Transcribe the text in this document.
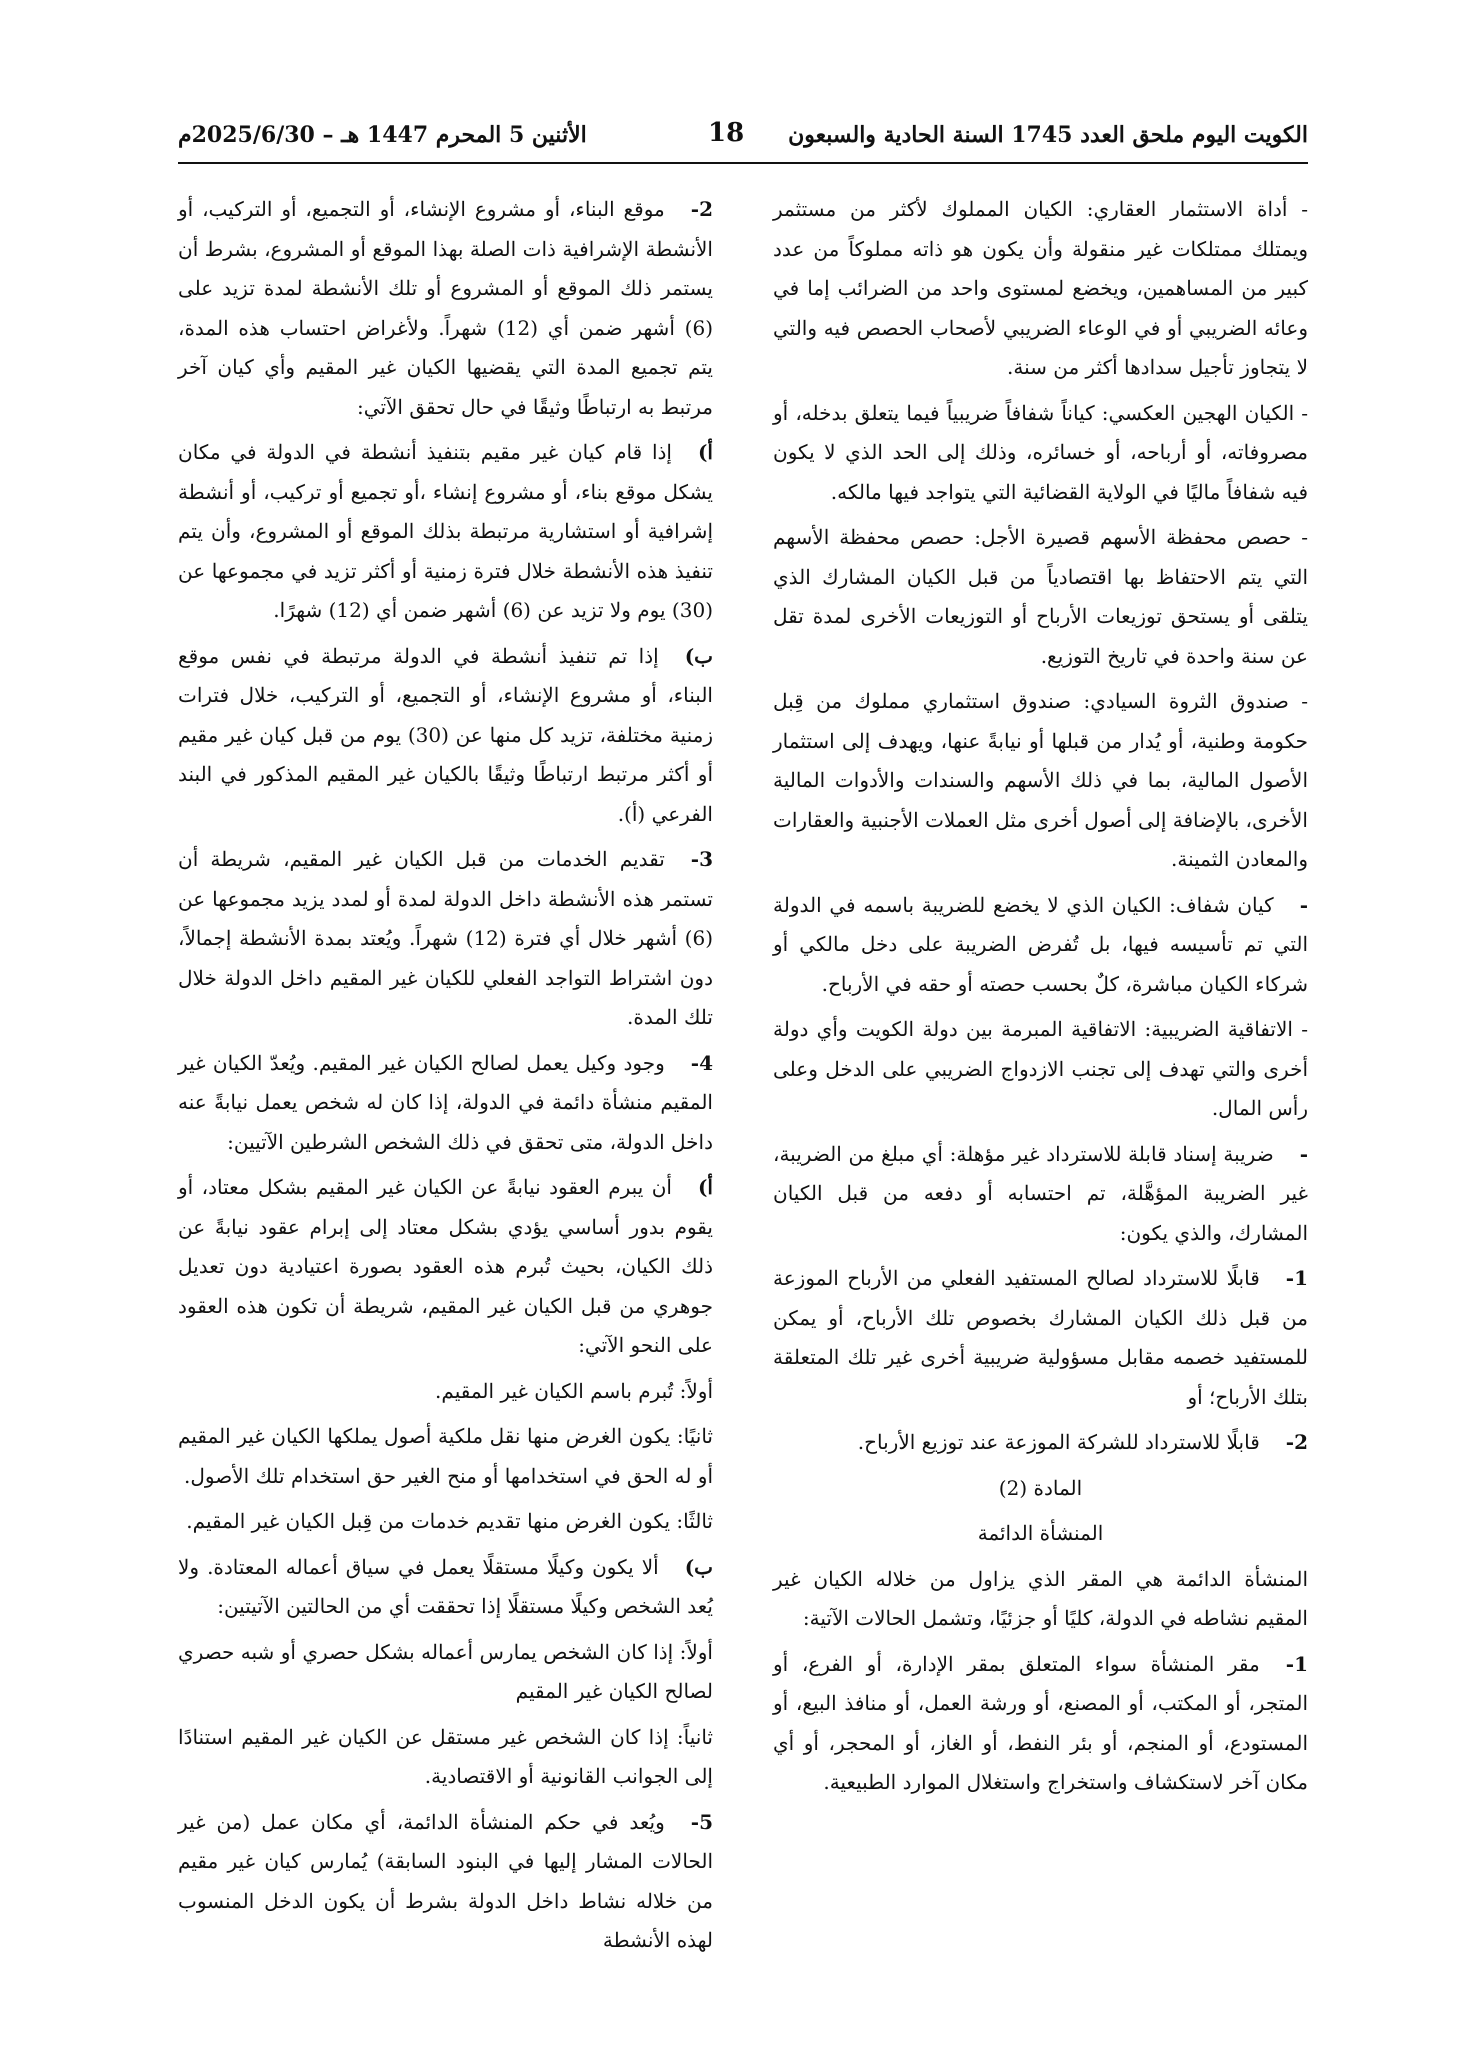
الكويت اليوم ملحق العدد 1745 السنة الحادية والسبعون
18
الأثنين 5 المحرم 1447 هـ – 2025/6/30م

- أداة الاستثمار العقاري: الكيان المملوك لأكثر من مستثمر ويمتلك ممتلكات غير منقولة وأن يكون هو ذاته مملوكاً من عدد كبير من المساهمين، ويخضع لمستوى واحد من الضرائب إما في وعائه الضريبي أو في الوعاء الضريبي لأصحاب الحصص فيه والتي لا يتجاوز تأجيل سدادها أكثر من سنة.

- الكيان الهجين العكسي: كياناً شفافاً ضريبياً فيما يتعلق بدخله، أو مصروفاته، أو أرباحه، أو خسائره، وذلك إلى الحد الذي لا يكون فيه شفافاً ماليًا في الولاية القضائية التي يتواجد فيها مالكه.

- حصص محفظة الأسهم قصيرة الأجل: حصص محفظة الأسهم التي يتم الاحتفاظ بها اقتصادياً من قبل الكيان المشارك الذي يتلقى أو يستحق توزيعات الأرباح أو التوزيعات الأخرى لمدة تقل عن سنة واحدة في تاريخ التوزيع.

- صندوق الثروة السيادي: صندوق استثماري مملوك من قِبل حكومة وطنية، أو يُدار من قبلها أو نيابةً عنها، ويهدف إلى استثمار الأصول المالية، بما في ذلك الأسهم والسندات والأدوات المالية الأخرى، بالإضافة إلى أصول أخرى مثل العملات الأجنبية والعقارات والمعادن الثمينة.

-كيان شفاف: الكيان الذي لا يخضع للضريبة باسمه في الدولة التي تم تأسيسه فيها، بل تُفرض الضريبة على دخل مالكي أو شركاء الكيان مباشرة، كلٌ بحسب حصته أو حقه في الأرباح.

- الاتفاقية الضريبية: الاتفاقية المبرمة بين دولة الكويت وأي دولة أخرى والتي تهدف إلى تجنب الازدواج الضريبي على الدخل وعلى رأس المال.

-ضريبة إسناد قابلة للاسترداد غير مؤهلة: أي مبلغ من الضريبة، غير الضريبة المؤهَّلة، تم احتسابه أو دفعه من قبل الكيان المشارك، والذي يكون:

1-قابلًا للاسترداد لصالح المستفيد الفعلي من الأرباح الموزعة من قبل ذلك الكيان المشارك بخصوص تلك الأرباح، أو يمكن للمستفيد خصمه مقابل مسؤولية ضريبية أخرى غير تلك المتعلقة بتلك الأرباح؛ أو

2-قابلًا للاسترداد للشركة الموزعة عند توزيع الأرباح.

المادة (2)

المنشأة الدائمة

المنشأة الدائمة هي المقر الذي يزاول من خلاله الكيان غير المقيم نشاطه في الدولة، كليًا أو جزئيًا، وتشمل الحالات الآتية:

1-مقر المنشأة سواء المتعلق بمقر الإدارة، أو الفرع، أو المتجر، أو المكتب، أو المصنع، أو ورشة العمل، أو منافذ البيع، أو المستودع، أو المنجم، أو بئر النفط، أو الغاز، أو المحجر، أو أي مكان آخر لاستكشاف واستخراج واستغلال الموارد الطبيعية.

2-موقع البناء، أو مشروع الإنشاء، أو التجميع، أو التركيب، أو الأنشطة الإشرافية ذات الصلة بهذا الموقع أو المشروع، بشرط أن يستمر ذلك الموقع أو المشروع أو تلك الأنشطة لمدة تزيد على (6) أشهر ضمن أي (12) شهراً. ولأغراض احتساب هذه المدة، يتم تجميع المدة التي يقضيها الكيان غير المقيم وأي كيان آخر مرتبط به ارتباطًا وثيقًا في حال تحقق الآتي:

أ)إذا قام كيان غير مقيم بتنفيذ أنشطة في الدولة في مكان يشكل موقع بناء، أو مشروع إنشاء ،أو تجميع أو تركيب، أو أنشطة إشرافية أو استشارية مرتبطة بذلك الموقع أو المشروع، وأن يتم تنفيذ هذه الأنشطة خلال فترة زمنية أو أكثر تزيد في مجموعها عن (30) يوم ولا تزيد عن (6) أشهر ضمن أي (12) شهرًا.

ب)إذا تم تنفيذ أنشطة في الدولة مرتبطة في نفس موقع البناء، أو مشروع الإنشاء، أو التجميع، أو التركيب، خلال فترات زمنية مختلفة، تزيد كل منها عن (30) يوم من قبل كيان غير مقيم أو أكثر مرتبط ارتباطًا وثيقًا بالكيان غير المقيم المذكور في البند الفرعي (أ).

3-تقديم الخدمات من قبل الكيان غير المقيم، شريطة أن تستمر هذه الأنشطة داخل الدولة لمدة أو لمدد يزيد مجموعها عن (6) أشهر خلال أي فترة (12) شهراً. ويُعتد بمدة الأنشطة إجمالاً، دون اشتراط التواجد الفعلي للكيان غير المقيم داخل الدولة خلال تلك المدة.

4-وجود وكيل يعمل لصالح الكيان غير المقيم. ويُعدّ الكيان غير المقيم منشأة دائمة في الدولة، إذا كان له شخص يعمل نيابةً عنه داخل الدولة، متى تحقق في ذلك الشخص الشرطين الآتيين:

أ)أن يبرم العقود نيابةً عن الكيان غير المقيم بشكل معتاد، أو يقوم بدور أساسي يؤدي بشكل معتاد إلى إبرام عقود نيابةً عن ذلك الكيان، بحيث تُبرم هذه العقود بصورة اعتيادية دون تعديل جوهري من قبل الكيان غير المقيم، شريطة أن تكون هذه العقود على النحو الآتي:

أولاً: تُبرم باسم الكيان غير المقيم.

ثانيًا: يكون الغرض منها نقل ملكية أصول يملكها الكيان غير المقيم أو له الحق في استخدامها أو منح الغير حق استخدام تلك الأصول.

ثالثًا: يكون الغرض منها تقديم خدمات من قِبل الكيان غير المقيم.

ب)ألا يكون وكيلًا مستقلًا يعمل في سياق أعماله المعتادة. ولا يُعد الشخص وكيلًا مستقلًا إذا تحققت أي من الحالتين الآتيتين:

أولاً: إذا كان الشخص يمارس أعماله بشكل حصري أو شبه حصري لصالح الكيان غير المقيم

ثانياً: إذا كان الشخص غير مستقل عن الكيان غير المقيم استنادًا إلى الجوانب القانونية أو الاقتصادية.

5-ويُعد في حكم المنشأة الدائمة، أي مكان عمل (من غير الحالات المشار إليها في البنود السابقة) يُمارس كيان غير مقيم من خلاله نشاط داخل الدولة بشرط أن يكون الدخل المنسوب لهذه الأنشطة
